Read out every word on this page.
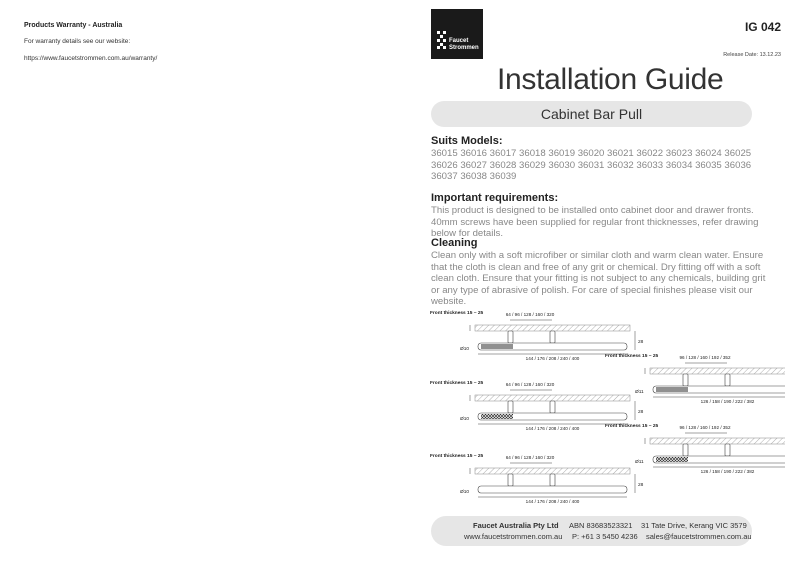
Products Warranty - Australia

For warranty details see our website:

https://www.faucetstrommen.com.au/warranty/

Faucet
Strommen
IG 042
Release Date: 13.12.23
Installation Guide
Cabinet Bar Pull
Suits Models:

36015 36016 36017 36018 36019 36020 36021 36022 36023 36024 36025 36026 36027 36028 36029 36030 36031 36032 36033 36034 36035 36036 36037 36038 36039

Important requirements:

This product is designed to be installed onto cabinet door and drawer fronts. 40mm screws have been supplied for regular front thicknesses, refer drawing below for details.

Cleaning

Clean only with a soft microfiber or similar cloth and warm clean water. Ensure that the cloth is clean and free of any grit or chemical. Dry fitting off with a soft clean cloth. Ensure that your fitting is not subject to any chemicals, building grit or any type of abrasive of polish. For care of special finishes please visit our website.

Front thickness 15 ~ 25	64 / 96 / 128 / 160 / 320
28
Ø10
144 / 176 / 208 / 240 / 400
Front thickness 15 ~ 25	64 / 96 / 128 / 160 / 320
28
Ø10
144 / 176 / 208 / 240 / 400
Front thickness 15 ~ 25	64 / 96 / 128 / 160 / 320
28
Ø10
144 / 176 / 208 / 240 / 400
Front thickness 15 ~ 25	96 / 128 / 160 / 192 / 352
Ø11
126 / 158 / 190 / 222 / 382
Front thickness 15 ~ 25	96 / 128 / 160 / 192 / 352
Ø11
126 / 158 / 190 / 222 / 382
Faucet Australia Pty Ltd ABN 83683523321 31 Tate Drive, Kerang VIC 3579
www.faucetstrommen.com.au P: +61 3 5450 4236 sales@faucetstrommen.com.au
